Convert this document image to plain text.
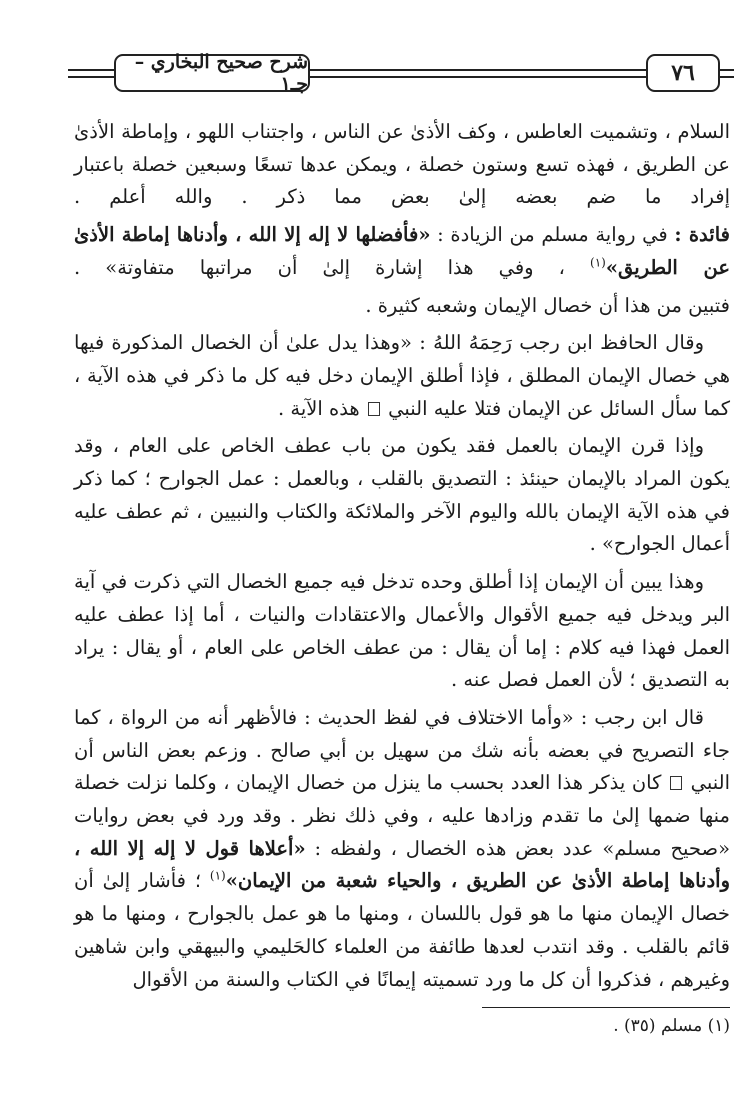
شرح صحيح البخاري – جـ١	٧٦

السلام ، وتشميت العاطس ، وكف الأذىٰ عن الناس ، واجتناب اللهو ، وإماطة الأذىٰ عن الطريق ، فهذه تسع وستون خصلة ، ويمكن عدها تسعًا وسبعين خصلة باعتبار إفراد ما ضم بعضه إلىٰ بعض مما ذكر . والله أعلم .

فائدة : في رواية مسلم من الزيادة : «فأفضلها لا إله إلا الله ، وأدناها إماطة الأذىٰ عن الطريق»$^{(١)}$ ، وفي هذا إشارة إلىٰ أن مراتبها متفاوتة» .

فتبين من هذا أن خصال الإيمان وشعبه كثيرة .

وقال الحافظ ابن رجب رَحِمَهُ اللهُ : «وهذا يدل علىٰ أن الخصال المذكورة فيها هي خصال الإيمان المطلق ، فإذا أطلق الإيمان دخل فيه كل ما ذكر في هذه الآية ، كما سأل السائل عن الإيمان فتلا عليه النبي  هذه الآية .

وإذا قرن الإيمان بالعمل فقد يكون من باب عطف الخاص على العام ، وقد يكون المراد بالإيمان حينئذ : التصديق بالقلب ، وبالعمل : عمل الجوارح ؛ كما ذكر في هذه الآية الإيمان بالله واليوم الآخر والملائكة والكتاب والنبيين ، ثم عطف عليه أعمال الجوارح» .

وهذا يبين أن الإيمان إذا أطلق وحده تدخل فيه جميع الخصال التي ذكرت في آية البر ويدخل فيه جميع الأقوال والأعمال والاعتقادات والنيات ، أما إذا عطف عليه العمل فهذا فيه كلام : إما أن يقال : من عطف الخاص على العام ، أو يقال : يراد به التصديق ؛ لأن العمل فصل عنه .

قال ابن رجب : «وأما الاختلاف في لفظ الحديث : فالأظهر أنه من الرواة ، كما جاء التصريح في بعضه بأنه شك من سهيل بن أبي صالح . وزعم بعض الناس أن النبي  كان يذكر هذا العدد بحسب ما ينزل من خصال الإيمان ، وكلما نزلت خصلة منها ضمها إلىٰ ما تقدم وزادها عليه ، وفي ذلك نظر . وقد ورد في بعض روايات «صحيح مسلم» عدد بعض هذه الخصال ، ولفظه : «أعلاها قول لا إله إلا الله ، وأدناها إماطة الأذىٰ عن الطريق ، والحياء شعبة من الإيمان»$^{(١)}$ ؛ فأشار إلىٰ أن خصال الإيمان منها ما هو قول باللسان ، ومنها ما هو عمل بالجوارح ، ومنها ما هو قائم بالقلب . وقد انتدب لعدها طائفة من العلماء كالحَليمي والبيهقي وابن شاهين وغيرهم ، فذكروا أن كل ما ورد تسميته إيمانًا في الكتاب والسنة من الأقوال

(١) مسلم (٣٥) .
